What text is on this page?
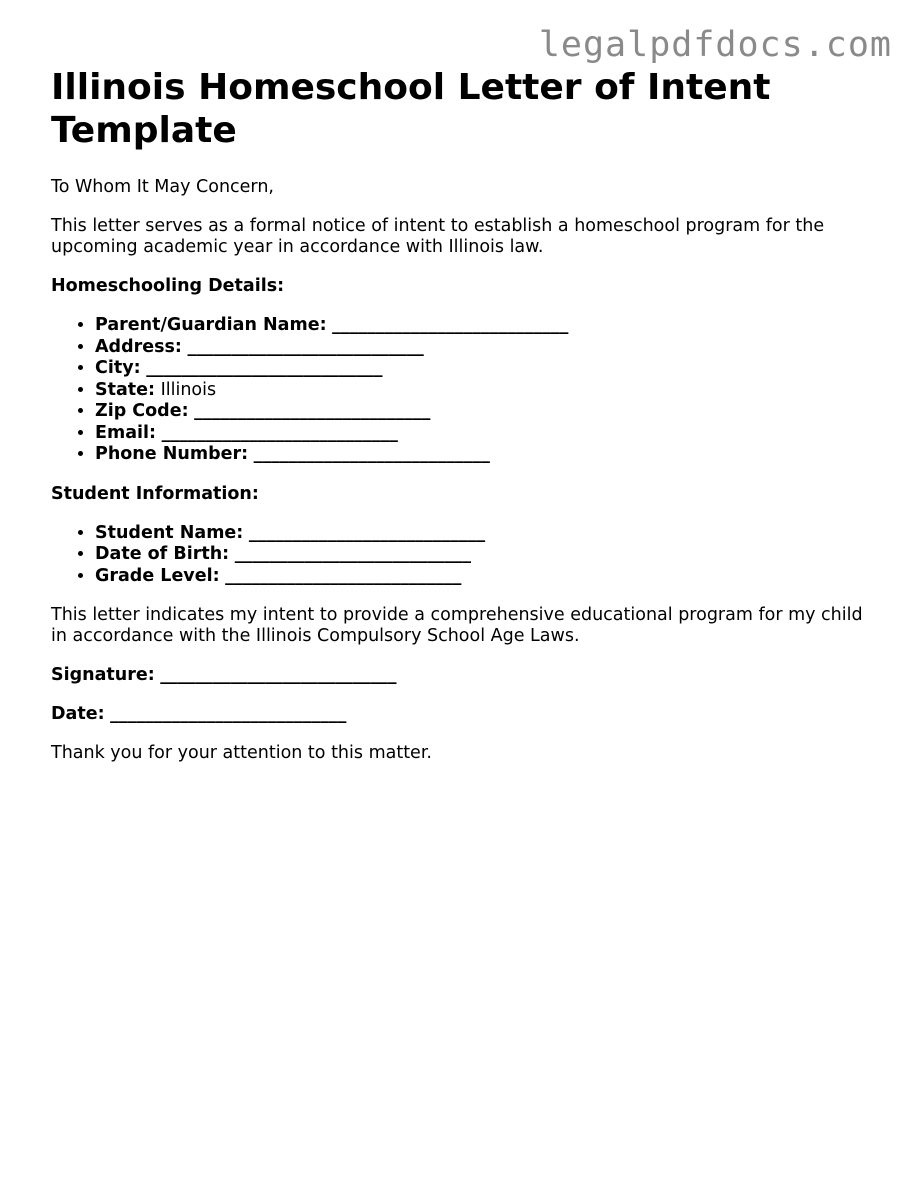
legalpdfdocs.com
Illinois Homeschool Letter of Intent Template

To Whom It May Concern,

This letter serves as a formal notice of intent to establish a homeschool program for the upcoming academic year in accordance with Illinois law.

Homeschooling Details:

• Parent/Guardian Name: ___________________________
• Address: ___________________________
• City: ___________________________
• State: Illinois
• Zip Code: ___________________________
• Email: ___________________________
• Phone Number: ___________________________

Student Information:

• Student Name: ___________________________
• Date of Birth: ___________________________
• Grade Level: ___________________________

This letter indicates my intent to provide a comprehensive educational program for my child in accordance with the Illinois Compulsory School Age Laws.

Signature: ___________________________

Date: ___________________________

Thank you for your attention to this matter.
